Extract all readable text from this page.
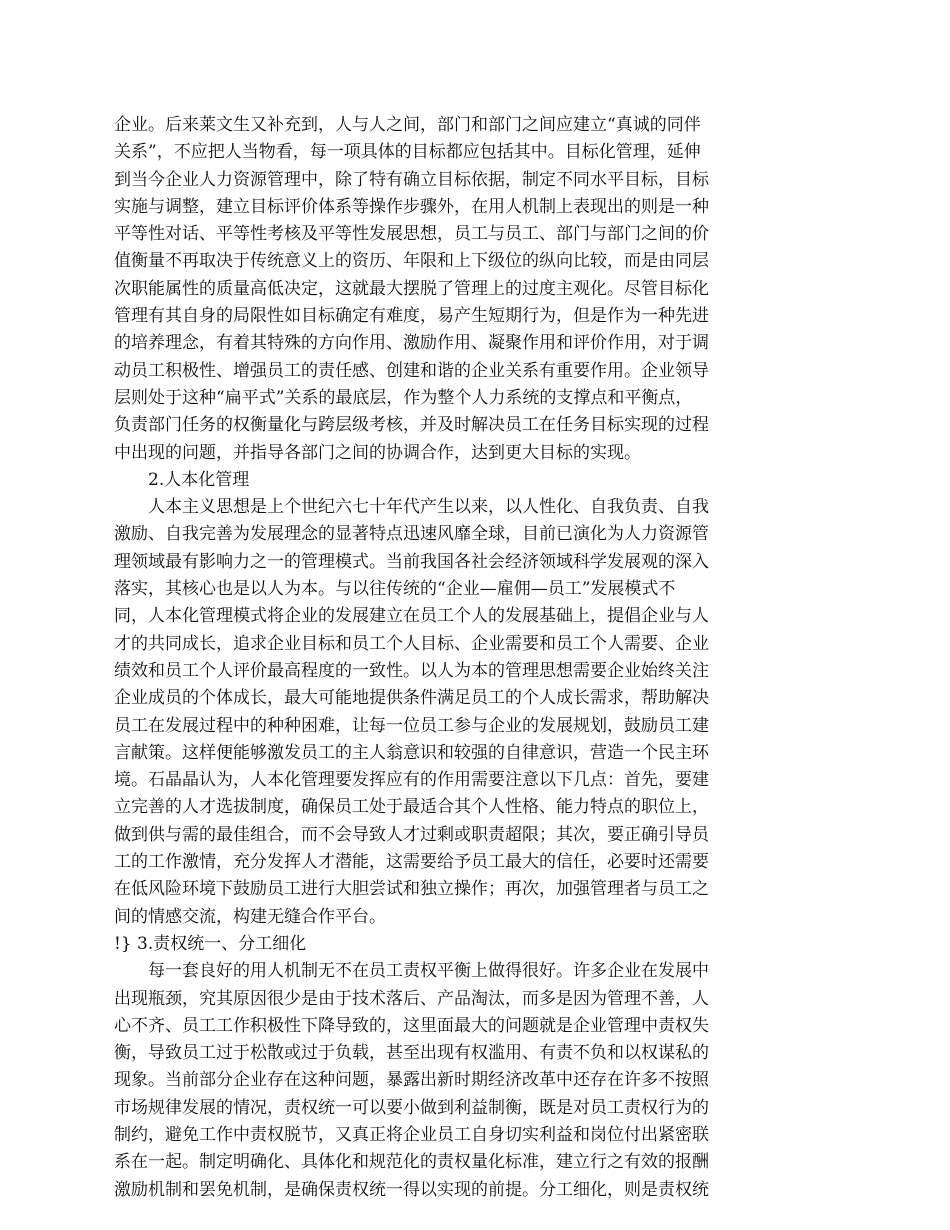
企业。后来莱文生又补充到，人与人之间，部门和部门之间应建立“真诚的同伴
关系”，不应把人当物看，每一项具体的目标都应包括其中。目标化管理，延伸
到当今企业人力资源管理中，除了特有确立目标依据，制定不同水平目标，目标
实施与调整，建立目标评价体系等操作步骤外，在用人机制上表现出的则是一种
平等性对话、平等性考核及平等性发展思想，员工与员工、部门与部门之间的价
值衡量不再取决于传统意义上的资历、年限和上下级位的纵向比较，而是由同层
次职能属性的质量高低决定，这就最大摆脱了管理上的过度主观化。尽管目标化
管理有其自身的局限性如目标确定有难度，易产生短期行为，但是作为一种先进
的培养理念，有着其特殊的方向作用、激励作用、凝聚作用和评价作用，对于调
动员工积极性、增强员工的责任感、创建和谐的企业关系有重要作用。企业领导
层则处于这种“扁平式”关系的最底层，作为整个人力系统的支撑点和平衡点，
负责部门任务的权衡量化与跨层级考核，并及时解决员工在任务目标实现的过程
中出现的问题，并指导各部门之间的协调合作，达到更大目标的实现。
　　2.人本化管理
　　人本主义思想是上个世纪六七十年代产生以来，以人性化、自我负责、自我
激励、自我完善为发展理念的显著特点迅速风靡全球，目前已演化为人力资源管
理领域最有影响力之一的管理模式。当前我国各社会经济领域科学发展观的深入
落实，其核心也是以人为本。与以往传统的“企业—雇佣—员工”发展模式不
同，人本化管理模式将企业的发展建立在员工个人的发展基础上，提倡企业与人
才的共同成长，追求企业目标和员工个人目标、企业需要和员工个人需要、企业
绩效和员工个人评价最高程度的一致性。以人为本的管理思想需要企业始终关注
企业成员的个体成长，最大可能地提供条件满足员工的个人成长需求，帮助解决
员工在发展过程中的种种困难，让每一位员工参与企业的发展规划，鼓励员工建
言献策。这样便能够激发员工的主人翁意识和较强的自律意识，营造一个民主环
境。石晶晶认为，人本化管理要发挥应有的作用需要注意以下几点：首先，要建
立完善的人才选拔制度，确保员工处于最适合其个人性格、能力特点的职位上，
做到供与需的最佳组合，而不会导致人才过剩或职责超限；其次，要正确引导员
工的工作激情，充分发挥人才潜能，这需要给予员工最大的信任，必要时还需要
在低风险环境下鼓励员工进行大胆尝试和独立操作；再次，加强管理者与员工之
间的情感交流，构建无缝合作平台。
!} 3.责权统一、分工细化
　　每一套良好的用人机制无不在员工责权平衡上做得很好。许多企业在发展中
出现瓶颈，究其原因很少是由于技术落后、产品淘汰，而多是因为管理不善，人
心不齐、员工工作积极性下降导致的，这里面最大的问题就是企业管理中责权失
衡，导致员工过于松散或过于负载，甚至出现有权滥用、有责不负和以权谋私的
现象。当前部分企业存在这种问题，暴露出新时期经济改革中还存在许多不按照
市场规律发展的情况，责权统一可以要小做到利益制衡，既是对员工责权行为的
制约，避免工作中责权脱节，又真正将企业员工自身切实利益和岗位付出紧密联
系在一起。制定明确化、具体化和规范化的责权量化标准，建立行之有效的报酬
激励机制和罢免机制，是确保责权统一得以实现的前提。分工细化，则是责权统
